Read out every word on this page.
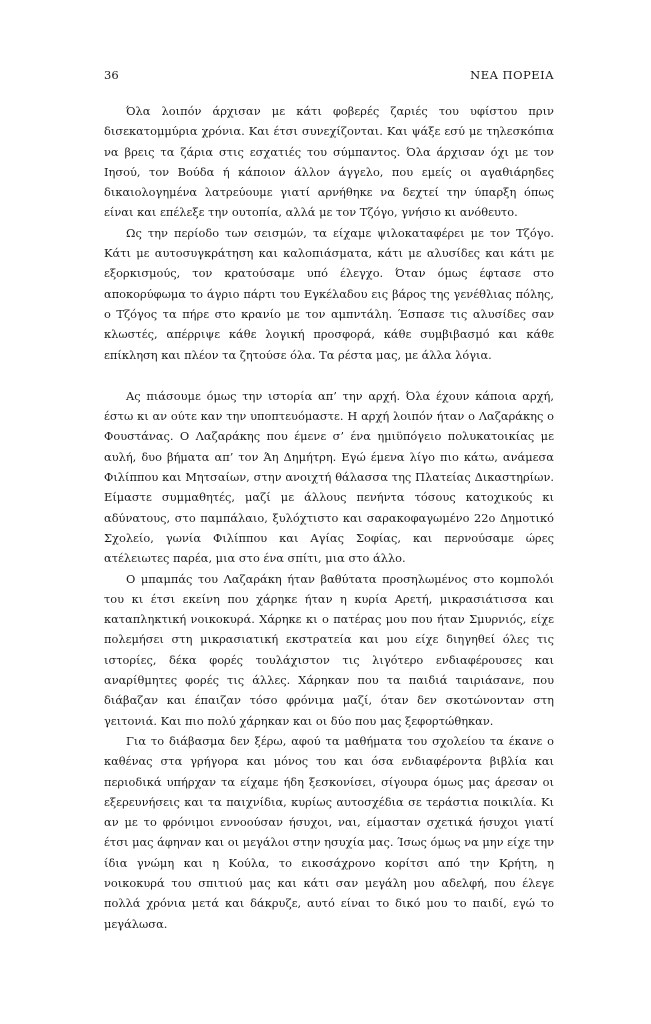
36	ΝΕΑ ΠΟΡΕΙΑ

Όλα λοιπόν άρχισαν με κάτι φοβερές ζαριές του υφίστου πριν δισεκατομμύρια χρόνια. Και έτσι συνεχίζονται. Και ψάξε εσύ με τηλεσκόπια να βρεις τα ζάρια στις εσχατιές του σύμπαντος. Όλα άρχισαν όχι με τον Ιησού, τον Βούδα ή κάποιον άλλον άγγελο, που εμείς οι αγαθιάρηδες δικαιολογημένα λατρεύουμε γιατί αρνήθηκε να δεχτεί την ύπαρξη όπως είναι και επέλεξε την ουτοπία, αλλά με τον Τζόγο, γνήσιο κι ανόθευτο.

Ως την περίοδο των σεισμών, τα είχαμε ψιλοκαταφέρει με τον Τζόγο. Κάτι με αυτοσυγκράτηση και καλοπιάσματα, κάτι με αλυσίδες και κάτι με εξορκισμούς, τον κρατούσαμε υπό έλεγχο. Όταν όμως έφτασε στο αποκορύφωμα το άγριο πάρτι του Εγκέλαδου εις βάρος της γενέθλιας πόλης, ο Τζόγος τα πήρε στο κρανίο με τον αμπντάλη. Έσπασε τις αλυσίδες σαν κλωστές, απέρριψε κάθε λογική προσφορά, κάθε συμβιβασμό και κάθε επίκληση και πλέον τα ζητούσε όλα. Τα ρέστα μας, με άλλα λόγια.

Ας πιάσουμε όμως την ιστορία απ’ την αρχή. Όλα έχουν κάποια αρχή, έστω κι αν ούτε καν την υποπτευόμαστε. Η αρχή λοιπόν ήταν ο Λαζαράκης ο Φουστάνας. Ο Λαζαράκης που έμενε σ’ ένα ημιϋπόγειο πολυκατοικίας με αυλή, δυο βήματα απ’ τον Άη Δημήτρη. Εγώ έμενα λίγο πιο κάτω, ανάμεσα Φιλίππου και Μητσαίων, στην ανοιχτή θάλασσα της Πλατείας Δικαστηρίων. Είμαστε συμμαθητές, μαζί με άλλους πενήντα τόσους κατοχικούς κι αδύνατους, στο παμπάλαιο, ξυλόχτιστο και σαρακοφαγωμένο 22ο Δημοτικό Σχολείο, γωνία Φιλίππου και Αγίας Σοφίας, και περνούσαμε ώρες ατέλειωτες παρέα, μια στο ένα σπίτι, μια στο άλλο.

Ο μπαμπάς του Λαζαράκη ήταν βαθύτατα προσηλωμένος στο κομπολόι του κι έτσι εκείνη που χάρηκε ήταν η κυρία Αρετή, μικρασιάτισσα και καταπληκτική νοικοκυρά. Χάρηκε κι ο πατέρας μου που ήταν Σμυρνιός, είχε πολεμήσει στη μικρασιατική εκστρατεία και μου είχε διηγηθεί όλες τις ιστορίες, δέκα φορές τουλάχιστον τις λιγότερο ενδιαφέρουσες και αναρίθμητες φορές τις άλλες. Χάρηκαν που τα παιδιά ταιριάσανε, που διάβαζαν και έπαιζαν τόσο φρόνιμα μαζί, όταν δεν σκοτώνονταν στη γειτονιά. Και πιο πολύ χάρηκαν και οι δύο που μας ξεφορτώθηκαν.

Για το διάβασμα δεν ξέρω, αφού τα μαθήματα του σχολείου τα έκανε ο καθένας στα γρήγορα και μόνος του και όσα ενδιαφέροντα βιβλία και περιοδικά υπήρχαν τα είχαμε ήδη ξεσκονίσει, σίγουρα όμως μας άρεσαν οι εξερευνήσεις και τα παιχνίδια, κυρίως αυτοσχέδια σε τεράστια ποικιλία. Κι αν με το φρόνιμοι εννοούσαν ήσυχοι, ναι, είμασταν σχετικά ήσυχοι γιατί έτσι μας άφηναν και οι μεγάλοι στην ησυχία μας. Ίσως όμως να μην είχε την ίδια γνώμη και η Κούλα, το εικοσάχρονο κορίτσι από την Κρήτη, η νοικοκυρά του σπιτιού μας και κάτι σαν μεγάλη μου αδελφή, που έλεγε πολλά χρόνια μετά και δάκρυζε, αυτό είναι το δικό μου το παιδί, εγώ το μεγάλωσα.
